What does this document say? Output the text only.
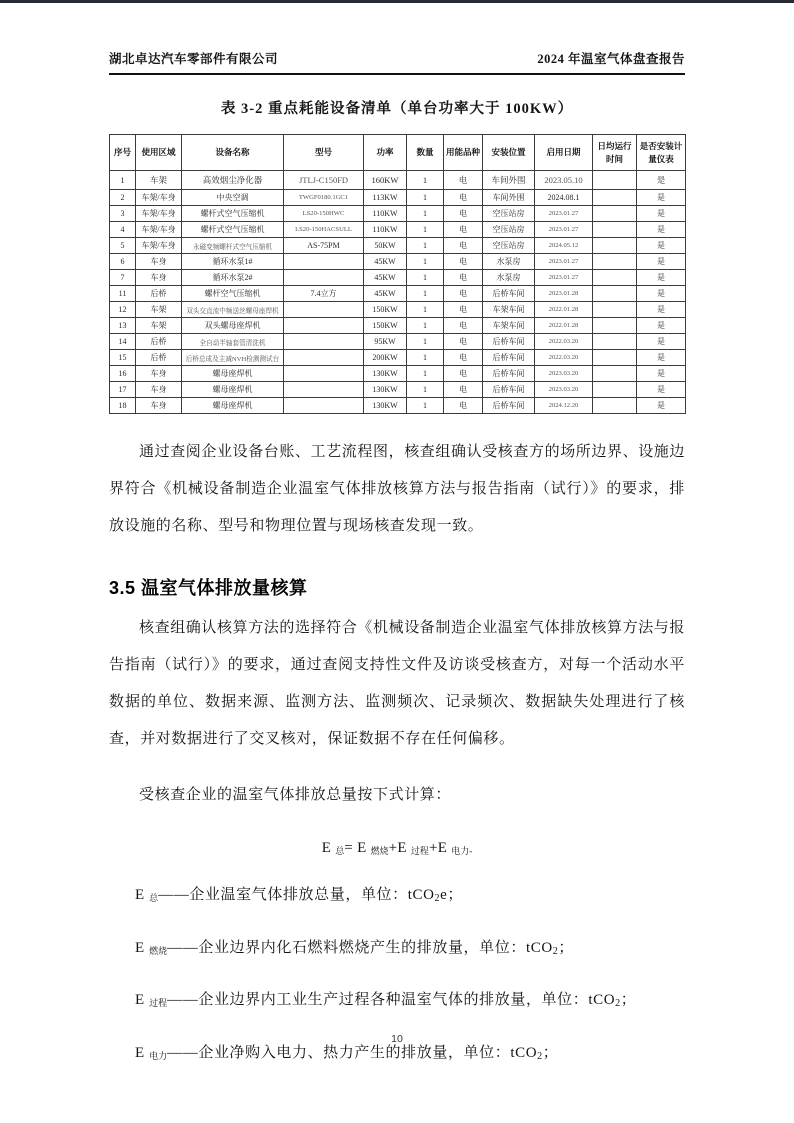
湖北卓达汽车零部件有限公司	2024 年温室气体盘查报告
表 3-2 重点耗能设备清单（单台功率大于 100KW）
序号	使用区域	设备名称	型号	功率	数量	用能品种	安装位置	启用日期	日均运行时间	是否安装计量仪表
1	车架	高效烟尘净化器	JTLJ-C150FD	160KW	1	电	车间外围	2023.05.10		是
2	车架/车身	中央空调	TWGF0180.1GC1	113KW	1	电	车间外围	2024.08.1		是
3	车架/车身	螺杆式空气压缩机	LS20-150HWC	110KW	1	电	空压站房	2023.01.27		是
4	车架/车身	螺杆式空气压缩机	LS20-150HACSULL	110KW	1	电	空压站房	2023.01.27		是
5	车架/车身	永磁变频螺杆式空气压缩机	AS-75PM	50KW	1	电	空压站房	2024.05.12		是
6	车身	循环水泵1#		45KW	1	电	水泵房	2023.01.27		是
7	车身	循环水泵2#		45KW	1	电	水泵房	2023.01.27		是
11	后桥	螺杆空气压缩机	7.4立方	45KW	1	电	后桥车间	2023.01.28		是
12	车架	双头交直流中频送丝螺母座焊机		150KW	1	电	车架车间	2022.01.28		是
13	车架	双头螺母座焊机		150KW	1	电	车架车间	2022.01.28		是
14	后桥	全自动半轴套管清洗机		95KW	1	电	后桥车间	2022.03.20		是
15	后桥	后桥总成及主减NVH检测测试台		200KW	1	电	后桥车间	2022.03.20		是
16	车身	螺母座焊机		130KW	1	电	后桥车间	2023.03.20		是
17	车身	螺母座焊机		130KW	1	电	后桥车间	2023.03.20		是
18	车身	螺母座焊机		130KW	1	电	后桥车间	2024.12.20		是

通过查阅企业设备台账、工艺流程图，核查组确认受核查方的场所边界、设施边界符合《机械设备制造企业温室气体排放核算方法与报告指南（试行）》的要求，排放设施的名称、型号和物理位置与现场核查发现一致。

3.5 温室气体排放量核算

核查组确认核算方法的选择符合《机械设备制造企业温室气体排放核算方法与报告指南（试行）》的要求，通过查阅支持性文件及访谈受核查方，对每一个活动水平数据的单位、数据来源、监测方法、监测频次、记录频次、数据缺失处理进行了核查，并对数据进行了交叉核对，保证数据不存在任何偏移。

受核查企业的温室气体排放总量按下式计算：

E $_总$= E $_{燃烧}$+E $_{过程}$+E $_{电力-}$
E $_总$——企业温室气体排放总量，单位：tCO$_2$e；
E $_{燃烧}$——企业边界内化石燃料燃烧产生的排放量，单位：tCO$_2$；
E $_{过程}$——企业边界内工业生产过程各种温室气体的排放量，单位：tCO$_2$；
E $_{电力}$——企业净购入电力、热力产生的排放量，单位：tCO$_2$；
10
